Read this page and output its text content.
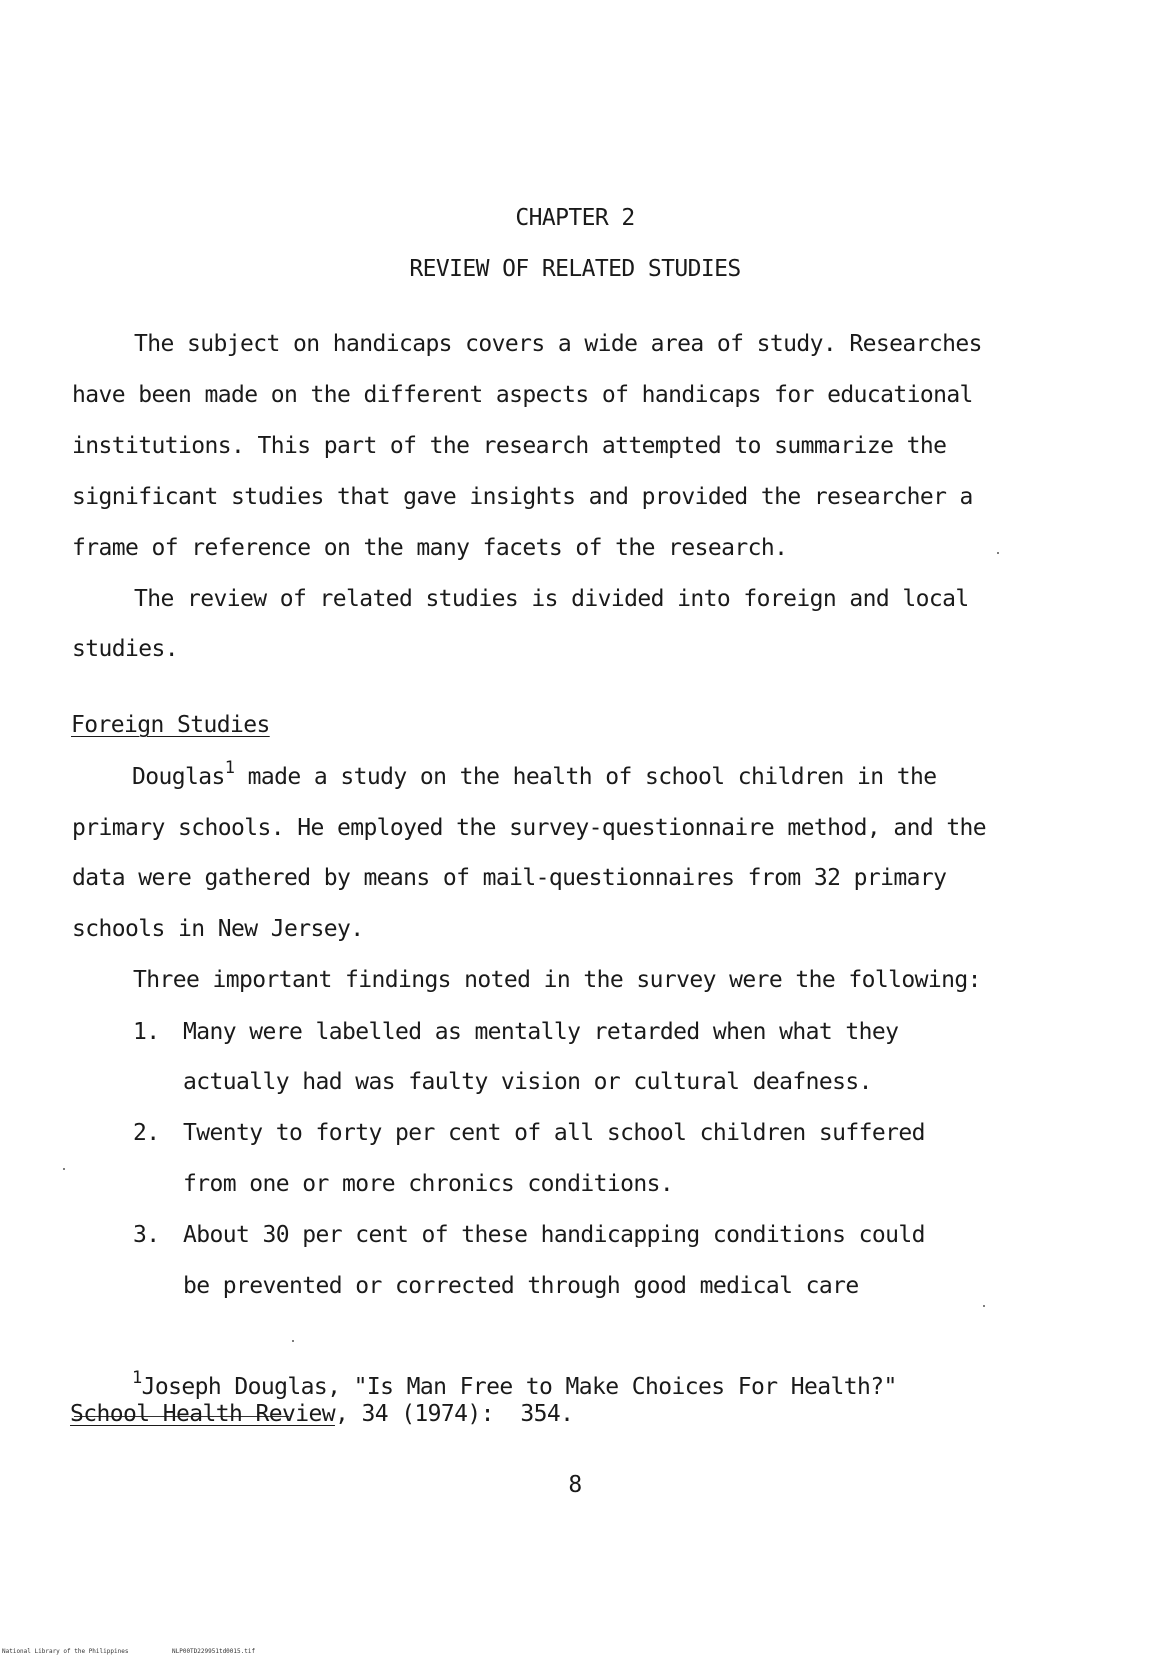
CHAPTER 2
REVIEW OF RELATED STUDIES
The subject on handicaps covers a wide area of study. Researches
have been made on the different aspects of handicaps for educational
institutions. This part of the research attempted to summarize the
significant studies that gave insights and provided the researcher a
frame of reference on the many facets of the research.
The review of related studies is divided into foreign and local
studies.
Foreign Studies
Douglas$^1$ made a study on the health of school children in the
primary schools. He employed the survey-questionnaire method, and the
data were gathered by means of mail-questionnaires from 32 primary
schools in New Jersey.
Three important findings noted in the survey were the following:
1. Many were labelled as mentally retarded when what they
actually had was faulty vision or cultural deafness.
2. Twenty to forty per cent of all school children suffered
from one or more chronics conditions.
3. About 30 per cent of these handicapping conditions could
be prevented or corrected through good medical care
$^1$Joseph Douglas, "Is Man Free to Make Choices For Health?"
School Health Review, 34 (1974):  354.
8
National Library of the Philippines	NLP00TD229951td0015.tif
